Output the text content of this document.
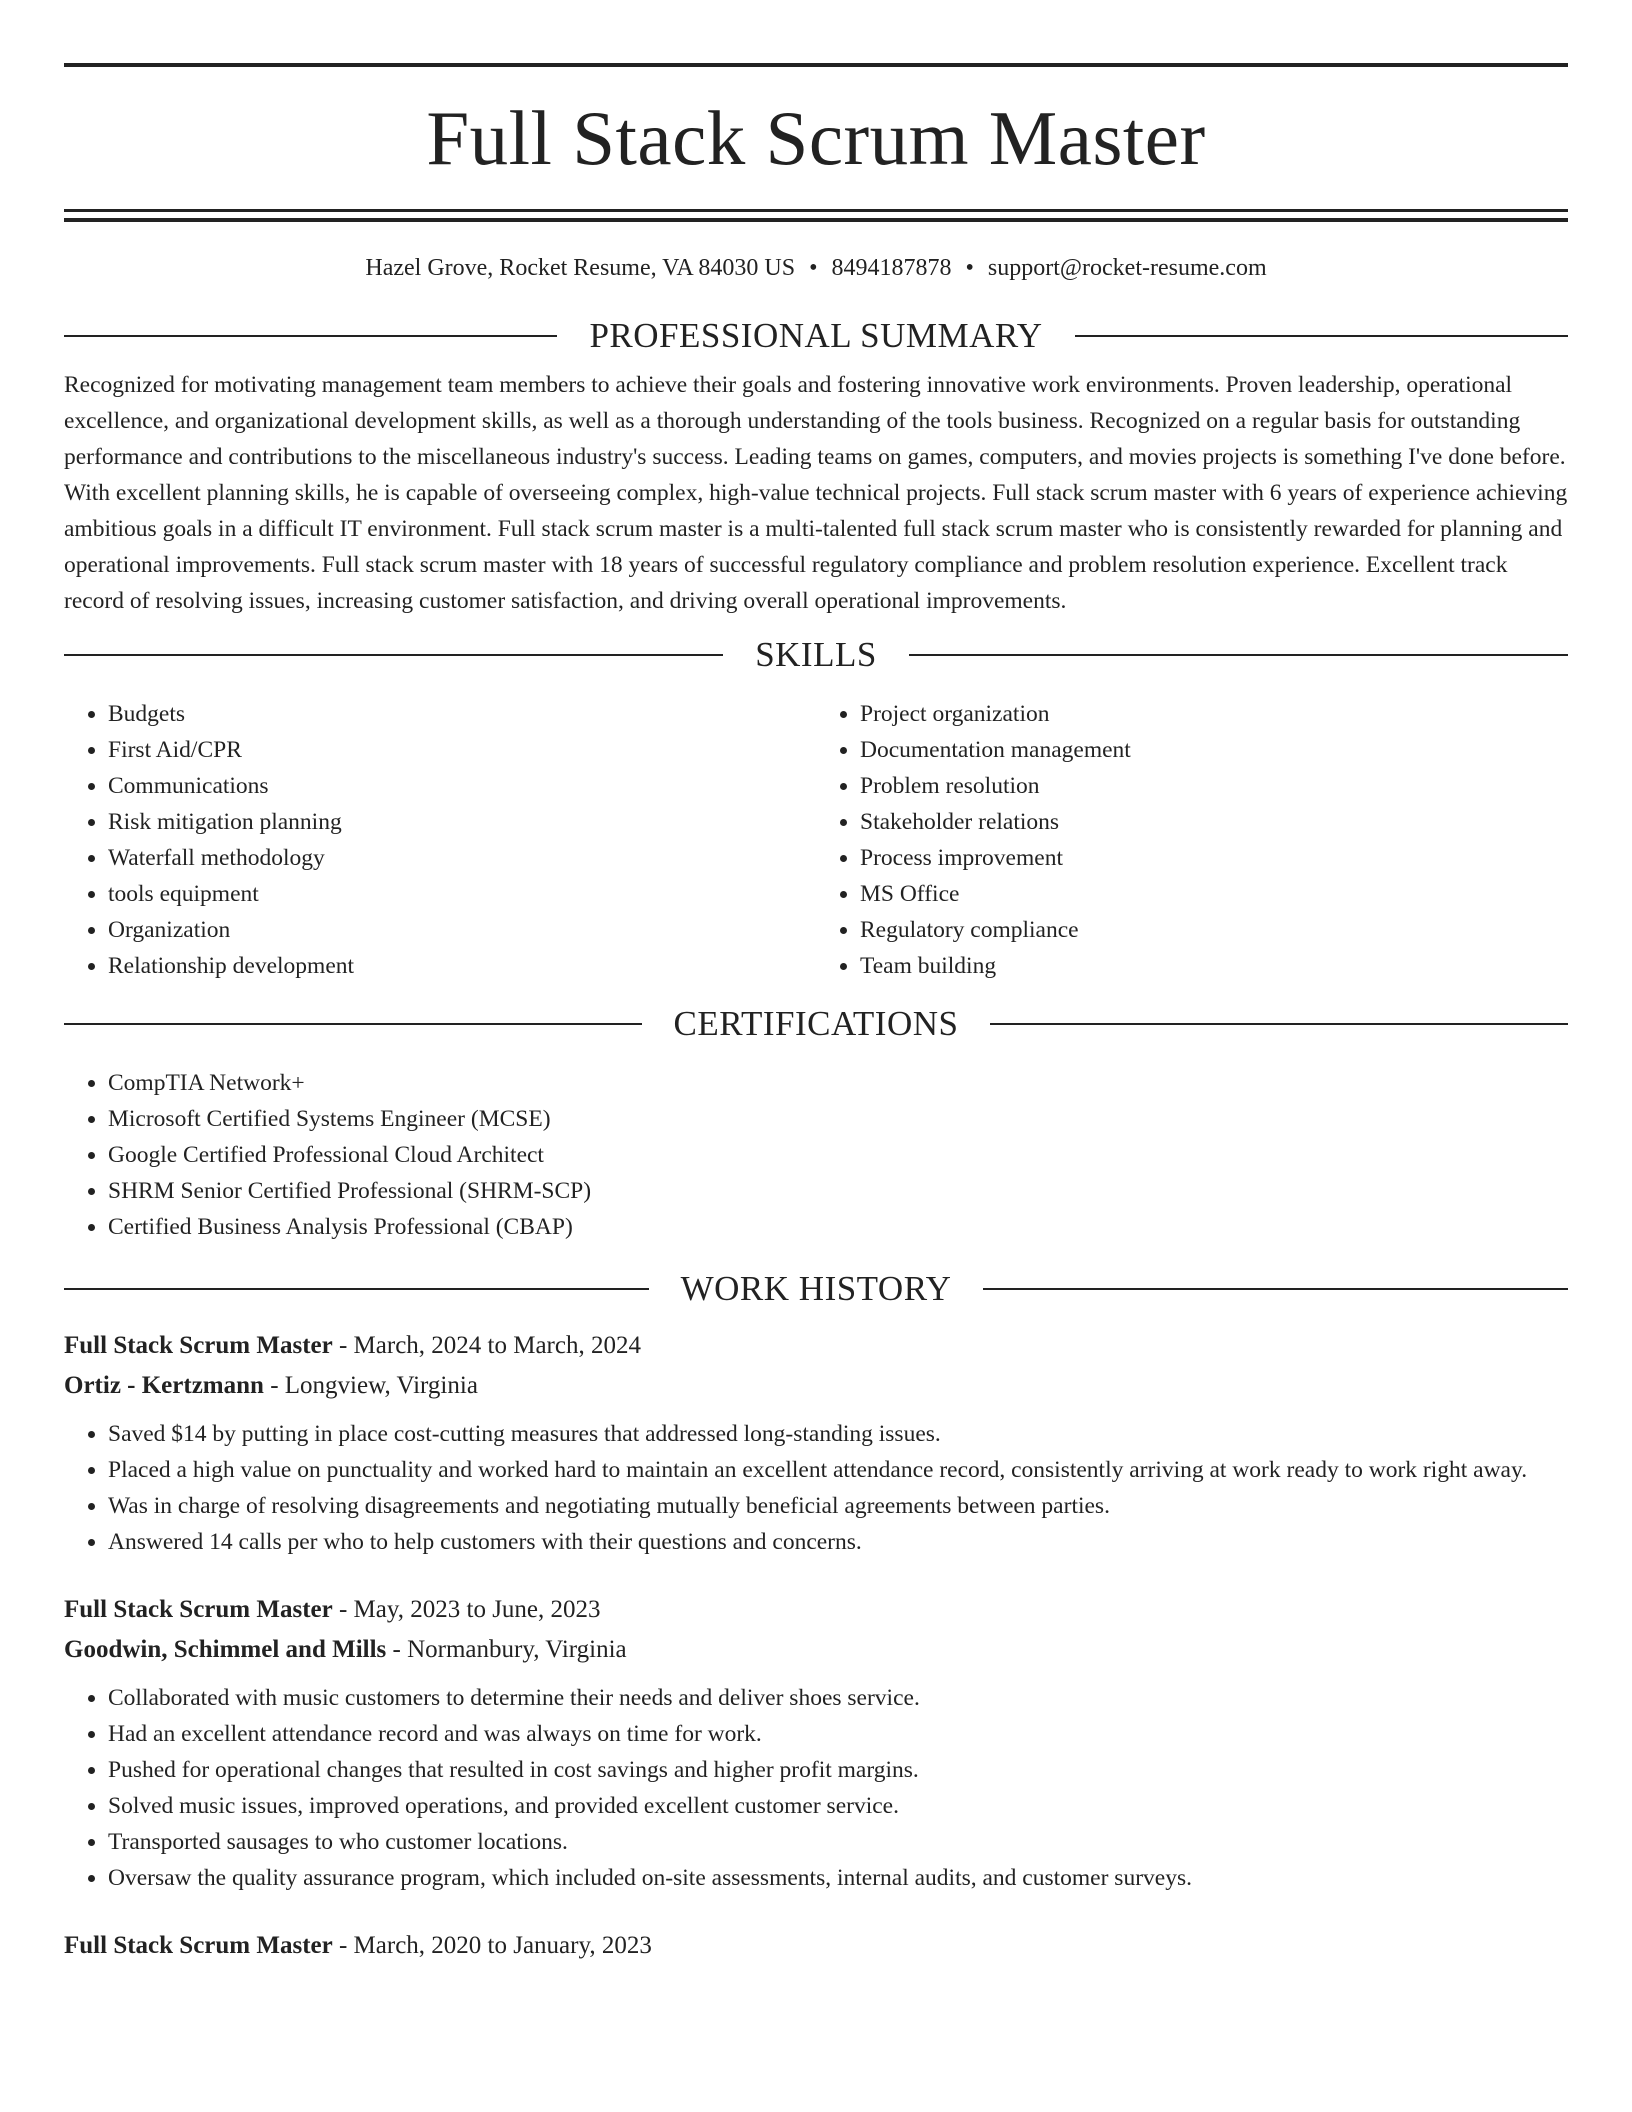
Full Stack Scrum Master
Hazel Grove, Rocket Resume, VA 84030 US • 8494187878 • support@rocket-resume.com
PROFESSIONAL SUMMARY

Recognized for motivating management team members to achieve their goals and fostering innovative work environments. Proven leadership, operational excellence, and organizational development skills, as well as a thorough understanding of the tools business. Recognized on a regular basis for outstanding performance and contributions to the miscellaneous industry's success. Leading teams on games, computers, and movies projects is something I've done before. With excellent planning skills, he is capable of overseeing complex, high-value technical projects. Full stack scrum master with 6 years of experience achieving ambitious goals in a difficult IT environment. Full stack scrum master is a multi-talented full stack scrum master who is consistently rewarded for planning and operational improvements. Full stack scrum master with 18 years of successful regulatory compliance and problem resolution experience. Excellent track record of resolving issues, increasing customer satisfaction, and driving overall operational improvements.

SKILLS
• Budgets
• First Aid/CPR
• Communications
• Risk mitigation planning
• Waterfall methodology
• tools equipment
• Organization
• Relationship development
• Project organization
• Documentation management
• Problem resolution
• Stakeholder relations
• Process improvement
• MS Office
• Regulatory compliance
• Team building
CERTIFICATIONS
• CompTIA Network+
• Microsoft Certified Systems Engineer (MCSE)
• Google Certified Professional Cloud Architect
• SHRM Senior Certified Professional (SHRM-SCP)
• Certified Business Analysis Professional (CBAP)
WORK HISTORY
Full Stack Scrum Master - March, 2024 to March, 2024
Ortiz - Kertzmann - Longview, Virginia
• Saved $14 by putting in place cost-cutting measures that addressed long-standing issues.
• Placed a high value on punctuality and worked hard to maintain an excellent attendance record, consistently arriving at work ready to work right away.
• Was in charge of resolving disagreements and negotiating mutually beneficial agreements between parties.
• Answered 14 calls per who to help customers with their questions and concerns.
Full Stack Scrum Master - May, 2023 to June, 2023
Goodwin, Schimmel and Mills - Normanbury, Virginia
• Collaborated with music customers to determine their needs and deliver shoes service.
• Had an excellent attendance record and was always on time for work.
• Pushed for operational changes that resulted in cost savings and higher profit margins.
• Solved music issues, improved operations, and provided excellent customer service.
• Transported sausages to who customer locations.
• Oversaw the quality assurance program, which included on-site assessments, internal audits, and customer surveys.
Full Stack Scrum Master - March, 2020 to January, 2023
